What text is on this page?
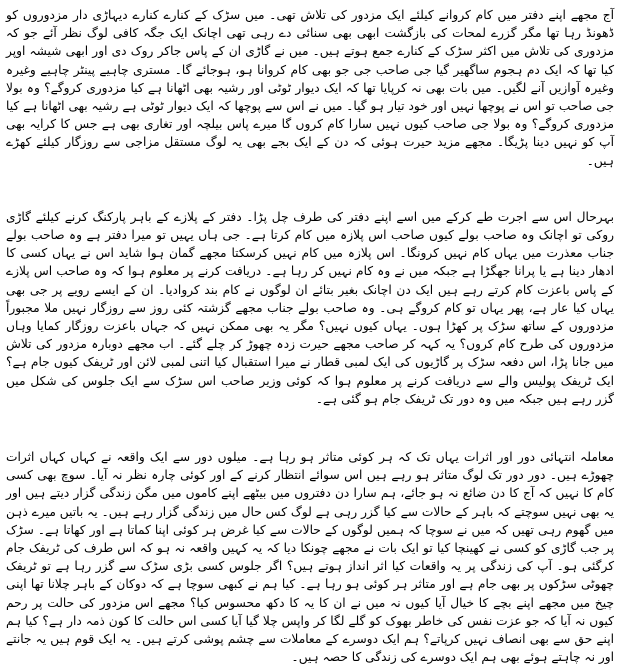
آج مجھے اپنے دفتر میں کام کروانے کیلئے ایک مزدور کی تلاش تھی۔ میں سڑک کے کنارے کنارے دیہاڑی دار مزدوروں کو ڈھونڈ رہا تھا مگر گزرے لمحات کی بازگشت ابھی بھی سنائی دے رہی تھی اچانک ایک جگہ کافی لوگ نظر آئے جو کہ مزدوری کی تلاش میں اکثر سڑک کے کنارے جمع ہوتے ہیں۔ میں نے گاڑی ان کے پاس جاکر روک دی اور ابھی شیشہ اوپر کیا تھا کہ ایک دم ہجوم ساگھیر گیا جی صاحب جی جو بھی کام کروانا ہو، ہوجائے گا۔ مستری چاہیے پینٹر چاہیے وغیرہ وغیرہ آوازیں آنے لگیں۔ میں بات بھی نہ کرپایا تھا کہ ایک دیوار ٹوٹی اور رشیہ بھی اٹھانا ہے کیا مزدوری کروگے؟ وہ بولا جی صاحب تو اس نے پوچھا نہیں اور خود تیار ہو گیا۔ میں نے اس سے پوچھا کہ ایک دیوار ٹوٹی ہے رشیہ بھی اٹھانا ہے کیا مزدوری کروگے؟ وہ بولا جی صاحب کیوں نہیں سارا کام کروں گا میرے پاس بیلچہ اور تغاری بھی ہے جس کا کرایہ بھی آپ کو نہیں دینا پڑیگا۔ مجھے مزید حیرت ہوئی کہ دن کے ایک بجے بھی یہ لوگ مستقل مزاجی سے روزگار کیلئے کھڑے ہیں۔

بہرحال اس سے اجرت طے کرکے میں اسے اپنے دفتر کی طرف چل پڑا۔ دفتر کے پلازے کے باہر پارکنگ کرنے کیلئے گاڑی روکی تو اچانک وہ صاحب بولے کیوں صاحب اس پلازہ میں کام کرتا ہے۔ جی ہاں یہیں تو میرا دفتر ہے وہ صاحب بولے جناب معذرت میں یہاں کام نہیں کرونگا۔ اس پلازہ میں کام نہیں کرسکتا مجھے گمان ہوا شاید اس نے یہاں کسی کا ادھار دینا ہے یا پرانا جھگڑا ہے جبکہ میں نے وہ کام نہیں کر رہا ہے۔ دریافت کرنے پر معلوم ہوا کہ وہ صاحب اس پلازے کے پاس باعزت کام کرتے رہے ہیں ایک دن اچانک بغیر بتائے ان لوگوں نے کام بند کروادیا۔ ان کے ایسے رویے پر جی بھی یہاں کیا عار ہے، پھر یہاں تو کام کروگے ہی۔ وہ صاحب بولے جناب مجھے گزشتہ کئی روز سے روزگار نہیں ملا مجبوراً مزدوروں کے ساتھ سڑک پر کھڑا ہوں۔ یہاں کیوں نہیں؟ مگر یہ بھی ممکن نہیں کہ جہاں باعزت روزگار کمایا وہاں مزدوروں کی طرح کام کروں؟ یہ کہہ کر صاحب مجھے حیرت زدہ چھوڑ کر چلے گئے۔ اب مجھے دوبارہ مزدور کی تلاش میں جانا پڑا، اس دفعہ سڑک پر گاڑیوں کی ایک لمبی قطار نے میرا استقبال کیا اتنی لمبی لائن اور ٹریفک کیوں جام ہے؟ ایک ٹریفک پولیس والے سے دریافت کرنے پر معلوم ہوا کہ کوئی وزیر صاحب اس سڑک سے ایک جلوس کی شکل میں گزر رہے ہیں جبکہ میں وہ دور تک ٹریفک جام ہو گئی ہے۔

معاملہ انتہائی دور اور اثرات یہاں تک کہ ہر کوئی متاثر ہو رہا ہے۔ میلوں دور سے ایک واقعہ نے کہاں کہاں اثرات چھوڑے ہیں۔ دور دور تک لوگ متاثر ہو رہے ہیں اس سوائے انتظار کرنے کے اور کوئی چارہ نظر نہ آیا۔ سوچ بھی کسی کام کا نہیں کہ آج کا دن ضائع نہ ہو جائے، ہم سارا دن دفتروں میں بیٹھے اپنے کاموں میں مگن زندگی گزار دیتے ہیں اور یہ بھی نہیں سوچتے کہ باہر کے حالات سے کیا گزر رہی ہے لوگ کس حال میں زندگی گزار رہے ہیں۔ یہ باتیں میرے ذہن میں گھوم رہی تھیں کہ میں نے سوچا کہ ہمیں لوگوں کے حالات سے کیا غرض ہر کوئی اپنا کماتا ہے اور کھاتا ہے۔ سڑک پر جب گاڑی کو کسی نے کھینچا کیا تو ایک بات نے مجھے چونکا دیا کہ یہ کہیں واقعہ نہ ہو کہ اس طرف کی ٹریفک جام کرگئی ہو۔ آپ کی زندگی پر یہ واقعات کیا اثر انداز ہوتے ہیں؟ اگر جلوس کسی بڑی سڑک سے گزر رہا ہے تو ٹریفک چھوٹی سڑکوں پر بھی جام ہے اور متاثر ہر کوئی ہو رہا ہے۔ کیا ہم نے کبھی سوچا ہے کہ دوکان کے باہر چلانا تھا اپنی چیخ میں مجھے اپنے بچے کا خیال آیا کیوں نہ میں نے ان کا یہ کا دکھ محسوس کیا؟ مجھے اس مزدور کی حالت پر رحم کیوں نہ آیا کہ جو عزت نفس کی خاطر بھوک کو گلے لگا کر واپس چلا گیا آیا کسی اس حالت کا کون ذمہ دار ہے؟ کیا ہم اپنے حق سے بھی انصاف نہیں کرپاتے؟ ہم ایک دوسرے کے معاملات سے چشم پوشی کرتے ہیں۔ یہ ایک قوم ہیں یہ جانتے اور نہ چاہتے ہوئے بھی ہم ایک دوسرے کی زندگی کا حصہ ہیں۔
